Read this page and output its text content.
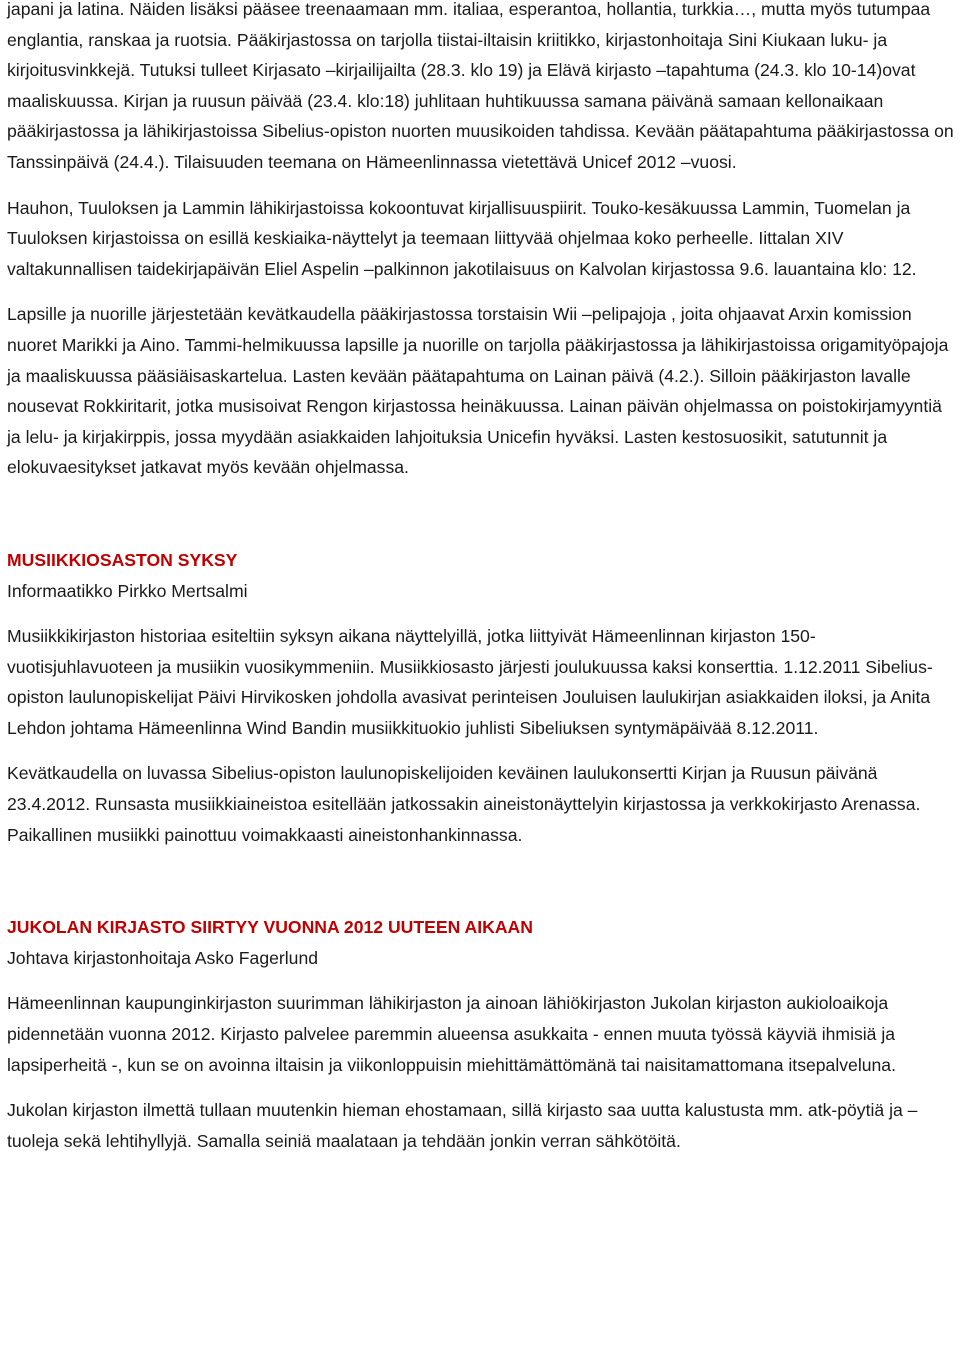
japani ja latina. Näiden lisäksi pääsee treenaamaan mm. italiaa, esperantoa, hollantia, turkkia…, mutta myös tutumpaa englantia, ranskaa ja ruotsia. Pääkirjastossa on tarjolla tiistai-iltaisin kriitikko, kirjastonhoitaja Sini Kiukaan luku- ja kirjoitusvinkkejä. Tutuksi tulleet Kirjasato –kirjailijailta (28.3. klo 19) ja Elävä kirjasto –tapahtuma (24.3. klo 10-14)ovat maaliskuussa. Kirjan ja ruusun päivää (23.4. klo:18) juhlitaan huhtikuussa samana päivänä samaan kellonaikaan pääkirjastossa ja lähikirjastoissa Sibelius-opiston nuorten muusikoiden tahdissa. Kevään päätapahtuma pääkirjastossa on Tanssinpäivä (24.4.). Tilaisuuden teemana on Hämeenlinnassa vietettävä Unicef 2012 –vuosi.

Hauhon, Tuuloksen ja Lammin lähikirjastoissa kokoontuvat kirjallisuuspiirit. Touko-kesäkuussa Lammin, Tuomelan ja Tuuloksen kirjastoissa on esillä keskiaika-näyttelyt ja teemaan liittyvää ohjelmaa koko perheelle. Iittalan XIV valtakunnallisen taidekirjapäivän Eliel Aspelin –palkinnon jakotilaisuus on Kalvolan kirjastossa 9.6. lauantaina klo: 12.

Lapsille ja nuorille järjestetään kevätkaudella pääkirjastossa torstaisin Wii –pelipajoja , joita ohjaavat Arxin komission nuoret Marikki ja Aino. Tammi-helmikuussa lapsille ja nuorille on tarjolla pääkirjastossa ja lähikirjastoissa origamityöpajoja ja maaliskuussa pääsiäisaskartelua. Lasten kevään päätapahtuma on Lainan päivä (4.2.). Silloin pääkirjaston lavalle nousevat Rokkiritarit, jotka musisoivat Rengon kirjastossa heinäkuussa. Lainan päivän ohjelmassa on poistokirjamyyntiä ja lelu- ja kirjakirppis, jossa myydään asiakkaiden lahjoituksia Unicefin hyväksi. Lasten kestosuosikit, satutunnit ja elokuvaesitykset jatkavat myös kevään ohjelmassa.

MUSIIKKIOSASTON SYKSY

Informaatikko Pirkko Mertsalmi

Musiikkikirjaston historiaa esiteltiin syksyn aikana näyttelyillä, jotka liittyivät Hämeenlinnan kirjaston 150-vuotisjuhlavuoteen ja musiikin vuosikymmeniin. Musiikkiosasto järjesti joulukuussa kaksi konserttia. 1.12.2011 Sibelius-opiston laulunopiskelijat Päivi Hirvikosken johdolla avasivat perinteisen Jouluisen laulukirjan asiakkaiden iloksi, ja Anita Lehdon johtama Hämeenlinna Wind Bandin musiikkituokio juhlisti Sibeliuksen syntymäpäivää 8.12.2011.

Kevätkaudella on luvassa Sibelius-opiston laulunopiskelijoiden keväinen laulukonsertti Kirjan ja Ruusun päivänä 23.4.2012. Runsasta musiikkiaineistoa esitellään jatkossakin aineistonäyttelyin kirjastossa ja verkkokirjasto Arenassa. Paikallinen musiikki painottuu voimakkaasti aineistonhankinnassa.

JUKOLAN KIRJASTO SIIRTYY VUONNA 2012 UUTEEN AIKAAN

Johtava kirjastonhoitaja Asko Fagerlund

Hämeenlinnan kaupunginkirjaston suurimman lähikirjaston ja ainoan lähiökirjaston Jukolan kirjaston aukioloaikoja pidennetään vuonna 2012. Kirjasto palvelee paremmin alueensa asukkaita - ennen muuta työssä käyviä ihmisiä ja lapsiperheitä -, kun se on avoinna iltaisin ja viikonloppuisin miehittämättömänä tai naisitamattomana itsepalveluna.

Jukolan kirjaston ilmettä tullaan muutenkin hieman ehostamaan, sillä kirjasto saa uutta kalustusta mm. atk-pöytiä ja – tuoleja sekä lehtihyllyjä. Samalla seiniä maalataan ja tehdään jonkin verran sähkötöitä.
